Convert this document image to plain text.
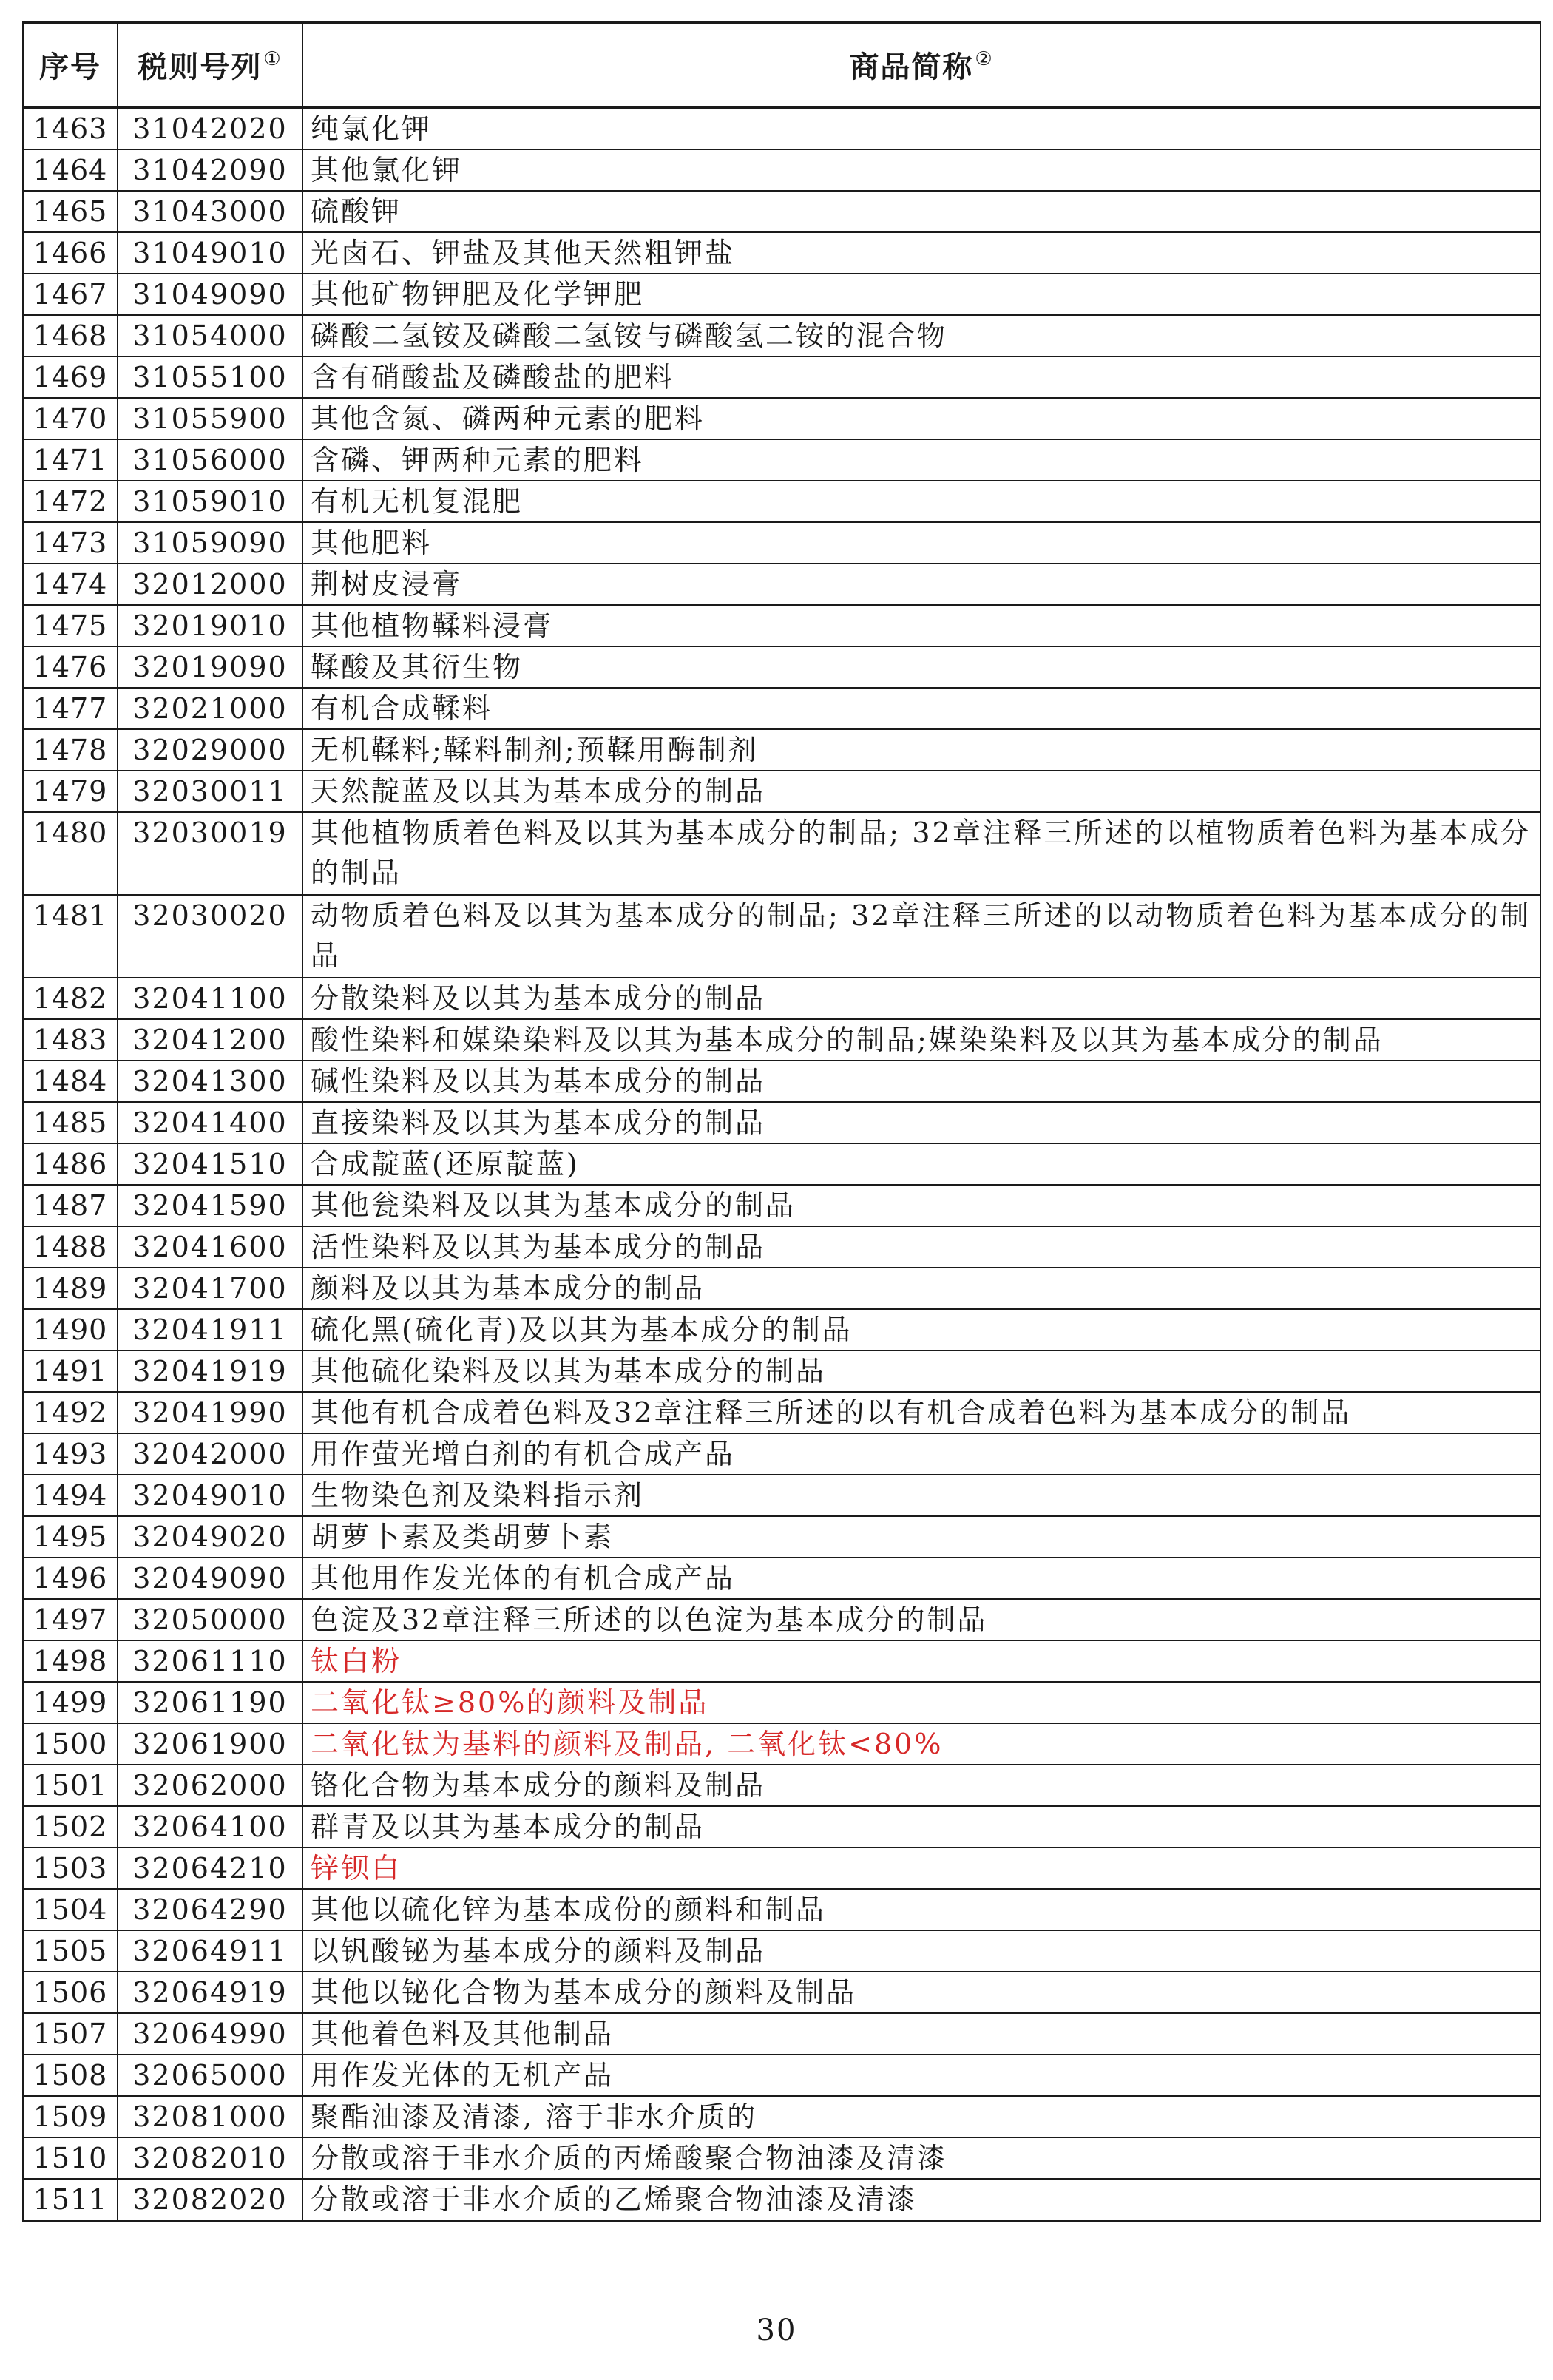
序号	税则号列①	商品简称②
1463	31042020	纯氯化钾
1464	31042090	其他氯化钾
1465	31043000	硫酸钾
1466	31049010	光卤石、钾盐及其他天然粗钾盐
1467	31049090	其他矿物钾肥及化学钾肥
1468	31054000	磷酸二氢铵及磷酸二氢铵与磷酸氢二铵的混合物
1469	31055100	含有硝酸盐及磷酸盐的肥料
1470	31055900	其他含氮、磷两种元素的肥料
1471	31056000	含磷、钾两种元素的肥料
1472	31059010	有机无机复混肥
1473	31059090	其他肥料
1474	32012000	荆树皮浸膏
1475	32019010	其他植物鞣料浸膏
1476	32019090	鞣酸及其衍生物
1477	32021000	有机合成鞣料
1478	32029000	无机鞣料;鞣料制剂;预鞣用酶制剂
1479	32030011	天然靛蓝及以其为基本成分的制品
1480	32030019	其他植物质着色料及以其为基本成分的制品; 32章注释三所述的以植物质着色料为基本成分的制品
1481	32030020	动物质着色料及以其为基本成分的制品; 32章注释三所述的以动物质着色料为基本成分的制品
1482	32041100	分散染料及以其为基本成分的制品
1483	32041200	酸性染料和媒染染料及以其为基本成分的制品;媒染染料及以其为基本成分的制品
1484	32041300	碱性染料及以其为基本成分的制品
1485	32041400	直接染料及以其为基本成分的制品
1486	32041510	合成靛蓝(还原靛蓝)
1487	32041590	其他瓮染料及以其为基本成分的制品
1488	32041600	活性染料及以其为基本成分的制品
1489	32041700	颜料及以其为基本成分的制品
1490	32041911	硫化黑(硫化青)及以其为基本成分的制品
1491	32041919	其他硫化染料及以其为基本成分的制品
1492	32041990	其他有机合成着色料及32章注释三所述的以有机合成着色料为基本成分的制品
1493	32042000	用作萤光增白剂的有机合成产品
1494	32049010	生物染色剂及染料指示剂
1495	32049020	胡萝卜素及类胡萝卜素
1496	32049090	其他用作发光体的有机合成产品
1497	32050000	色淀及32章注释三所述的以色淀为基本成分的制品
1498	32061110	钛白粉
1499	32061190	二氧化钛≥80%的颜料及制品
1500	32061900	二氧化钛为基料的颜料及制品, 二氧化钛<80%
1501	32062000	铬化合物为基本成分的颜料及制品
1502	32064100	群青及以其为基本成分的制品
1503	32064210	锌钡白
1504	32064290	其他以硫化锌为基本成份的颜料和制品
1505	32064911	以钒酸铋为基本成分的颜料及制品
1506	32064919	其他以铋化合物为基本成分的颜料及制品
1507	32064990	其他着色料及其他制品
1508	32065000	用作发光体的无机产品
1509	32081000	聚酯油漆及清漆, 溶于非水介质的
1510	32082010	分散或溶于非水介质的丙烯酸聚合物油漆及清漆
1511	32082020	分散或溶于非水介质的乙烯聚合物油漆及清漆
30
